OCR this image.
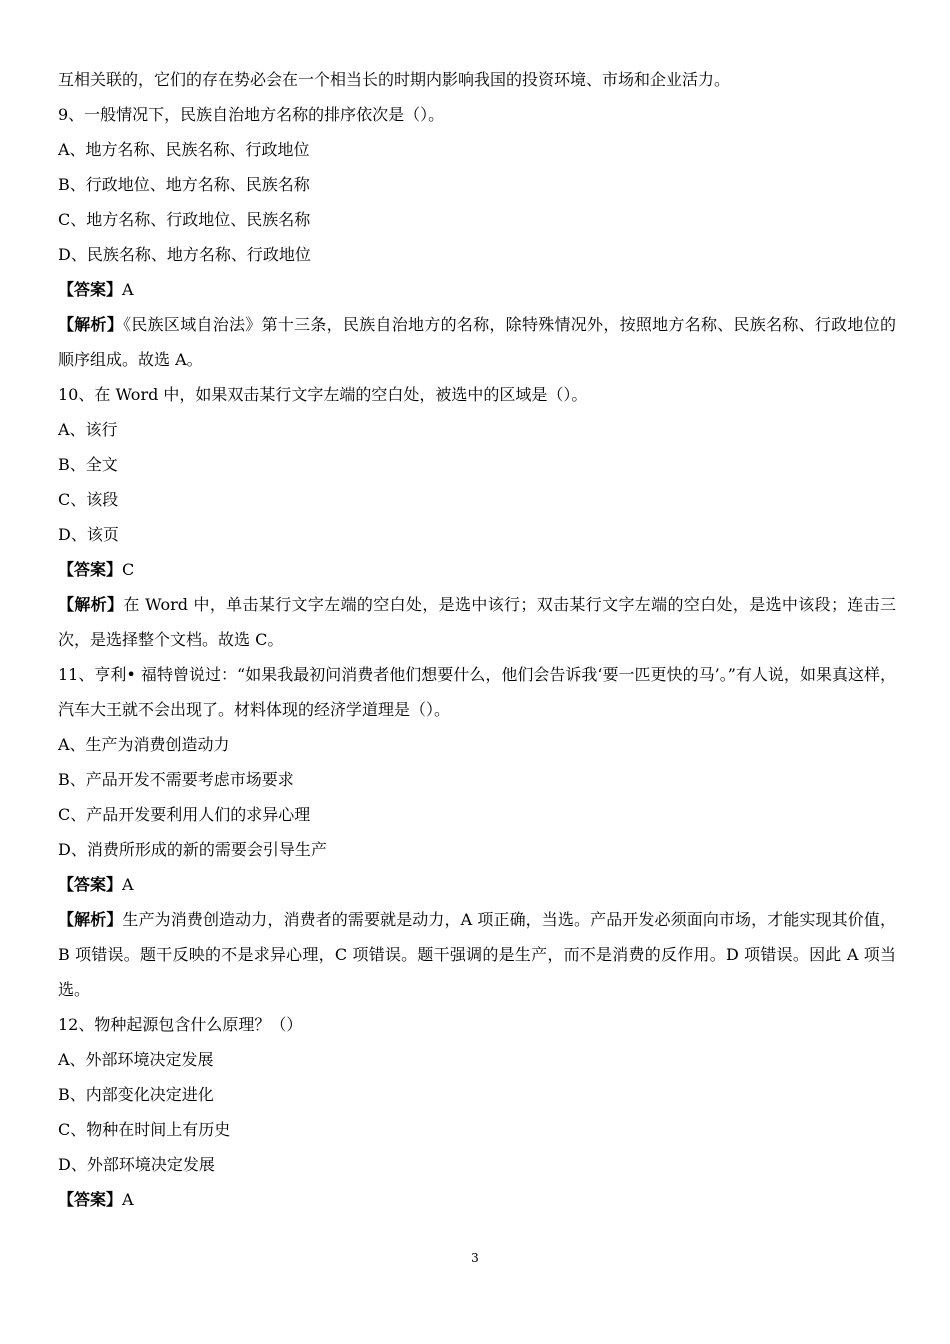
互相关联的，它们的存在势必会在一个相当长的时期内影响我国的投资环境、市场和企业活力。
9、一般情况下，民族自治地方名称的排序依次是（）。
A、地方名称、民族名称、行政地位
B、行政地位、地方名称、民族名称
C、地方名称、行政地位、民族名称
D、民族名称、地方名称、行政地位
【答案】A
【解析】《民族区域自治法》第十三条，民族自治地方的名称，除特殊情况外，按照地方名称、民族名称、行政地位的顺序组成。故选 A。
10、在 Word 中，如果双击某行文字左端的空白处，被选中的区域是（）。
A、该行
B、全文
C、该段
D、该页
【答案】C
【解析】在 Word 中，单击某行文字左端的空白处，是选中该行；双击某行文字左端的空白处，是选中该段；连击三次，是选择整个文档。故选 C。
11、亨利• 福特曾说过：“如果我最初问消费者他们想要什么，他们会告诉我‘要一匹更快的马’。”有人说，如果真这样，汽车大王就不会出现了。材料体现的经济学道理是（）。
A、生产为消费创造动力
B、产品开发不需要考虑市场要求
C、产品开发要利用人们的求异心理
D、消费所形成的新的需要会引导生产
【答案】A
【解析】生产为消费创造动力，消费者的需要就是动力，A 项正确，当选。产品开发必须面向市场，才能实现其价值，B 项错误。题干反映的不是求异心理，C 项错误。题干强调的是生产，而不是消费的反作用。D 项错误。因此 A 项当选。
12、物种起源包含什么原理？（）
A、外部环境决定发展
B、内部变化决定进化
C、物种在时间上有历史
D、外部环境决定发展
【答案】A
3
